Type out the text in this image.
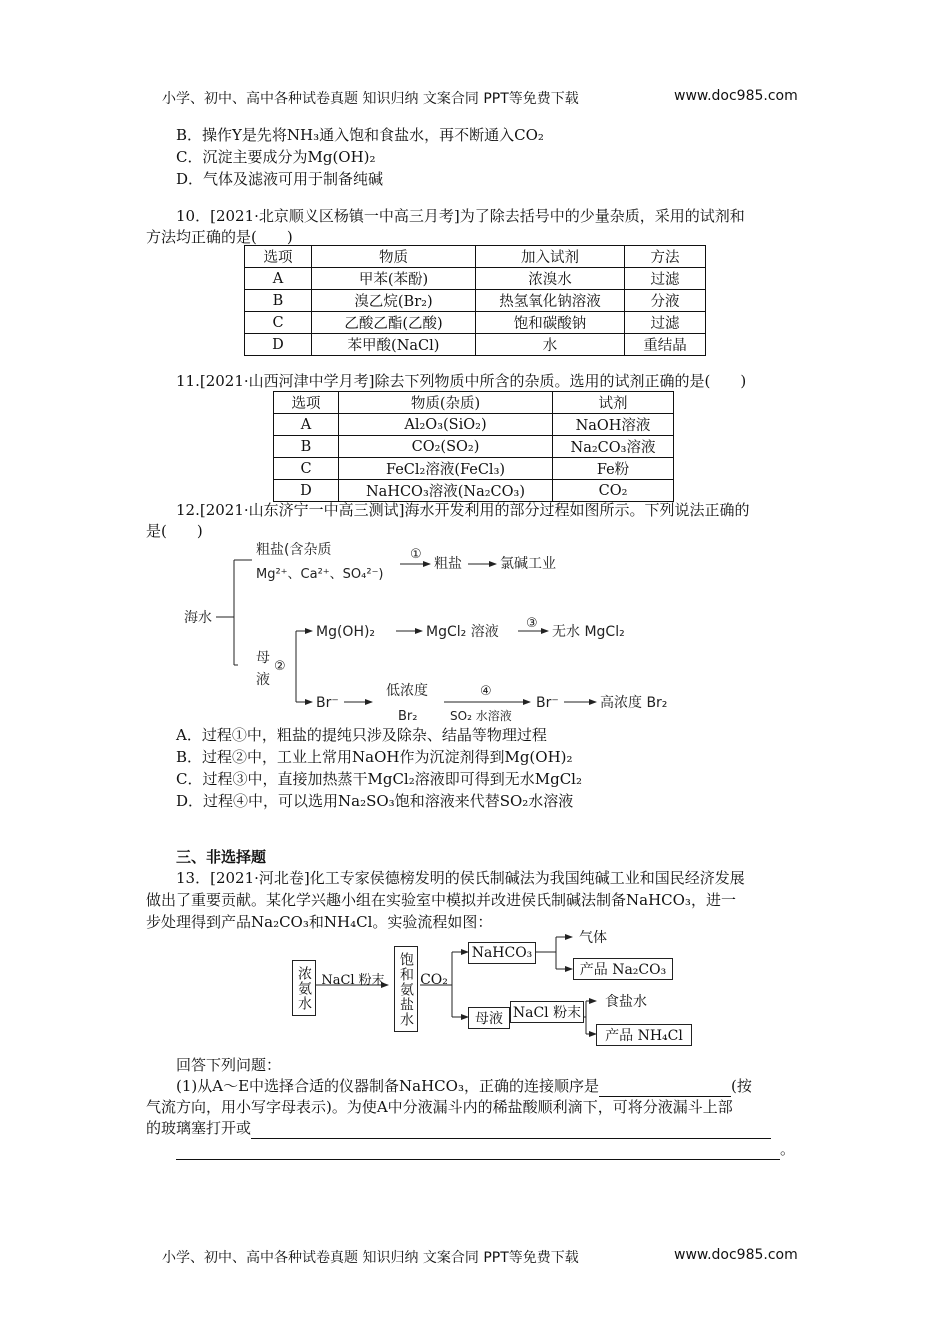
小学、初中、高中各种试卷真题 知识归纳 文案合同 PPT等免费下载	www.doc985.com
B．操作Y是先将NH₃通入饱和食盐水，再不断通入CO₂
C．沉淀主要成分为Mg(OH)₂
D．气体及滤液可用于制备纯碱
10．[2021·北京顺义区杨镇一中高三月考]为了除去括号中的少量杂质，采用的试剂和
方法均正确的是(　　)
选项	物质	加入试剂	方法
A	甲苯(苯酚)	浓溴水	过滤
B	溴乙烷(Br₂)	热氢氧化钠溶液	分液
C	乙酸乙酯(乙酸)	饱和碳酸钠	过滤
D	苯甲酸(NaCl)	水	重结晶
11.[2021·山西河津中学月考]除去下列物质中所含的杂质。选用的试剂正确的是(　　)
选项	物质(杂质)	试剂
A	Al₂O₃(SiO₂)	NaOH溶液
B	CO₂(SO₂)	Na₂CO₃溶液
C	FeCl₂溶液(FeCl₃)	Fe粉
D	NaHCO₃溶液(Na₂CO₃)	CO₂
12.[2021·山东济宁一中高三测试]海水开发利用的部分过程如图所示。下列说法正确的
是(　　)
海水
粗盐(含杂质
Mg²⁺、Ca²⁺、SO₄²⁻)
①
粗盐	氯碱工业
母
液
②
Mg(OH)₂	MgCl₂ 溶液
③
无水 MgCl₂
Br⁻
低浓度
Br₂
④
SO₂ 水溶液
Br⁻	高浓度 Br₂
A．过程①中，粗盐的提纯只涉及除杂、结晶等物理过程
B．过程②中，工业上常用NaOH作为沉淀剂得到Mg(OH)₂
C．过程③中，直接加热蒸干MgCl₂溶液即可得到无水MgCl₂
D．过程④中，可以选用Na₂SO₃饱和溶液来代替SO₂水溶液
三、非选择题
13．[2021·河北卷]化工专家侯德榜发明的侯氏制碱法为我国纯碱工业和国民经济发展
做出了重要贡献。某化学兴趣小组在实验室中模拟并改进侯氏制碱法制备NaHCO₃，进一
步处理得到产品Na₂CO₃和NH₄Cl。实验流程如图：
浓氨水 NaCl 粉末 饱和氨盐水 CO₂
NaHCO₃
气体
产品 Na₂CO₃
母液 NaCl 粉末
食盐水
产品 NH₄Cl
回答下列问题：
(1)从A～E中选择合适的仪器制备NaHCO₃，正确的连接顺序是	(按
气流方向，用小写字母表示)。为使A中分液漏斗内的稀盐酸顺利滴下，可将分液漏斗上部
的玻璃塞打开或
。
小学、初中、高中各种试卷真题 知识归纳 文案合同 PPT等免费下载	www.doc985.com
